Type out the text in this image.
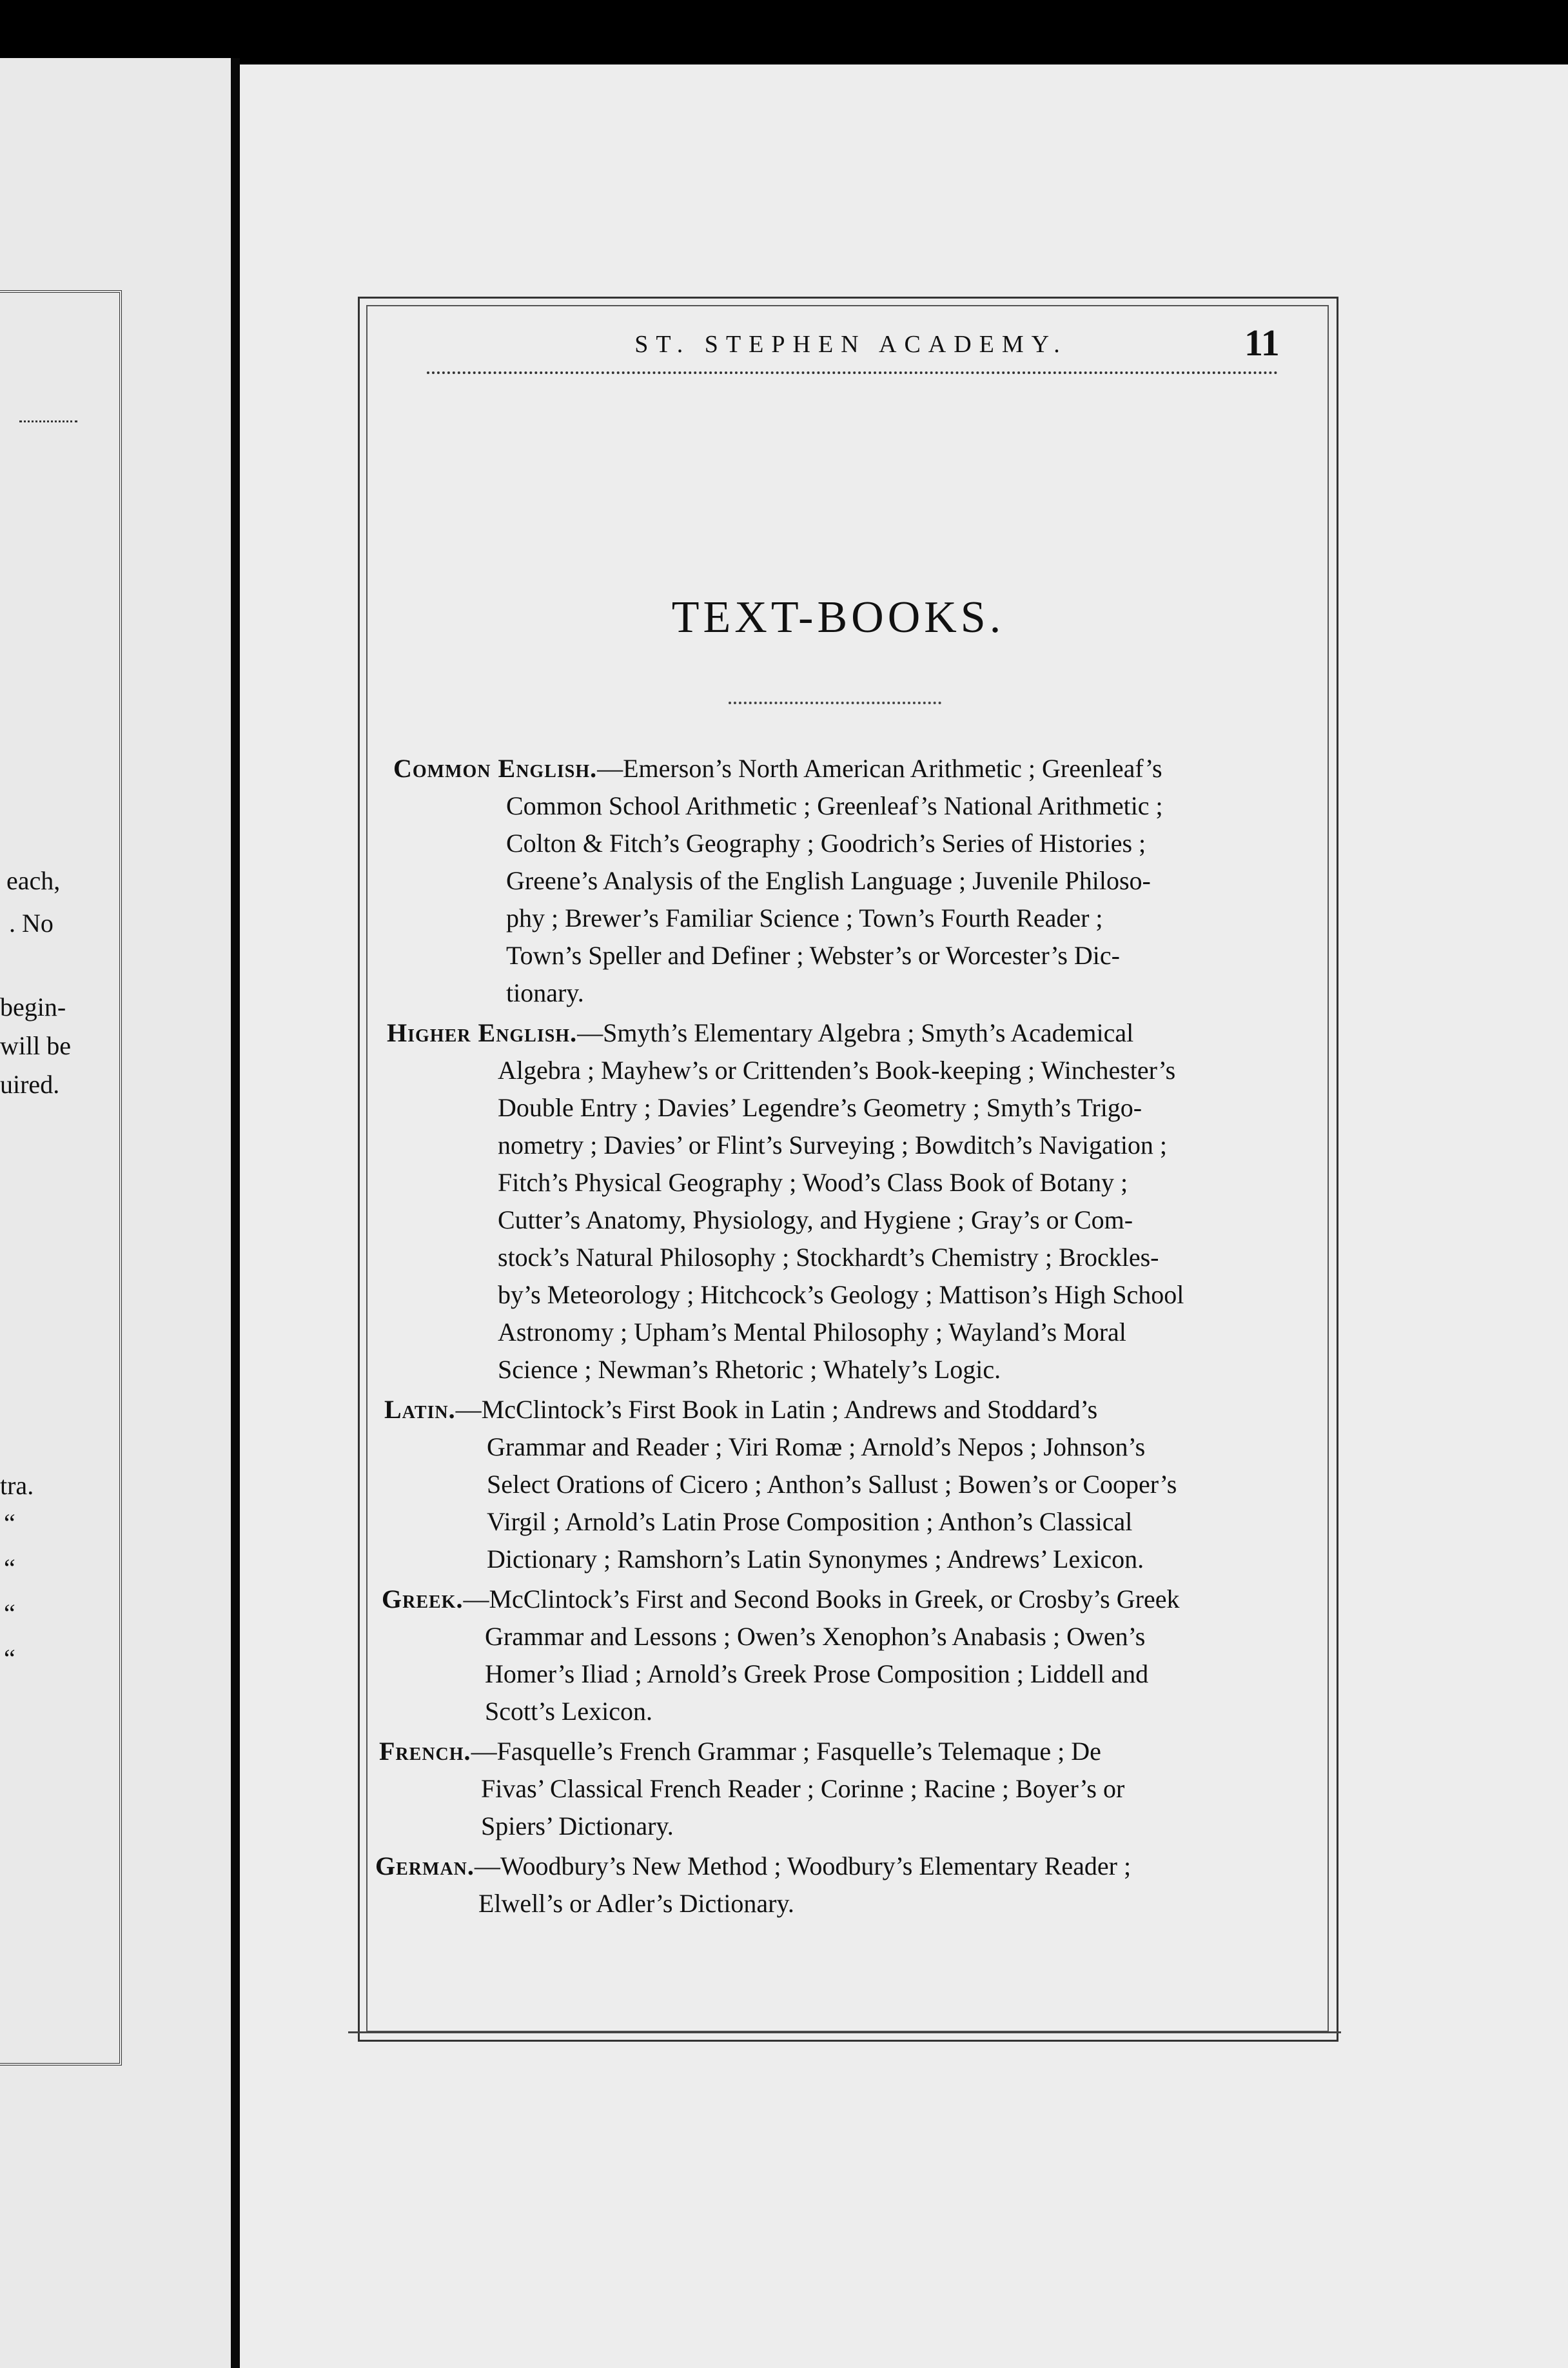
each,
. No
begin-
will be
uired.
tra.
“
“
“
“
ST. STEPHEN ACADEMY.	11
TEXT-BOOKS.
Common English.—Emerson’s North American Arithmetic ; Greenleaf’s
Common School Arithmetic ; Greenleaf’s National Arithmetic ;
Colton & Fitch’s Geography ; Goodrich’s Series of Histories ;
Greene’s Analysis of the English Language ; Juvenile Philoso-
phy ; Brewer’s Familiar Science ; Town’s Fourth Reader ;
Town’s Speller and Definer ; Webster’s or Worcester’s Dic-
tionary.
Higher English.—Smyth’s Elementary Algebra ; Smyth’s Academical
Algebra ; Mayhew’s or Crittenden’s Book-keeping ; Winchester’s
Double Entry ; Davies’ Legendre’s Geometry ; Smyth’s Trigo-
nometry ; Davies’ or Flint’s Surveying ; Bowditch’s Navigation ;
Fitch’s Physical Geography ; Wood’s Class Book of Botany ;
Cutter’s Anatomy, Physiology, and Hygiene ; Gray’s or Com-
stock’s Natural Philosophy ; Stockhardt’s Chemistry ; Brockles-
by’s Meteorology ; Hitchcock’s Geology ; Mattison’s High School
Astronomy ; Upham’s Mental Philosophy ; Wayland’s Moral
Science ; Newman’s Rhetoric ; Whately’s Logic.
Latin.—McClintock’s First Book in Latin ; Andrews and Stoddard’s
Grammar and Reader ; Viri Romæ ; Arnold’s Nepos ; Johnson’s
Select Orations of Cicero ; Anthon’s Sallust ; Bowen’s or Cooper’s
Virgil ; Arnold’s Latin Prose Composition ; Anthon’s Classical
Dictionary ; Ramshorn’s Latin Synonymes ; Andrews’ Lexicon.
Greek.—McClintock’s First and Second Books in Greek, or Crosby’s Greek
Grammar and Lessons ; Owen’s Xenophon’s Anabasis ; Owen’s
Homer’s Iliad ; Arnold’s Greek Prose Composition ; Liddell and
Scott’s Lexicon.
French.—Fasquelle’s French Grammar ; Fasquelle’s Telemaque ; De
Fivas’ Classical French Reader ; Corinne ; Racine ; Boyer’s or
Spiers’ Dictionary.
German.—Woodbury’s New Method ; Woodbury’s Elementary Reader ;
Elwell’s or Adler’s Dictionary.
